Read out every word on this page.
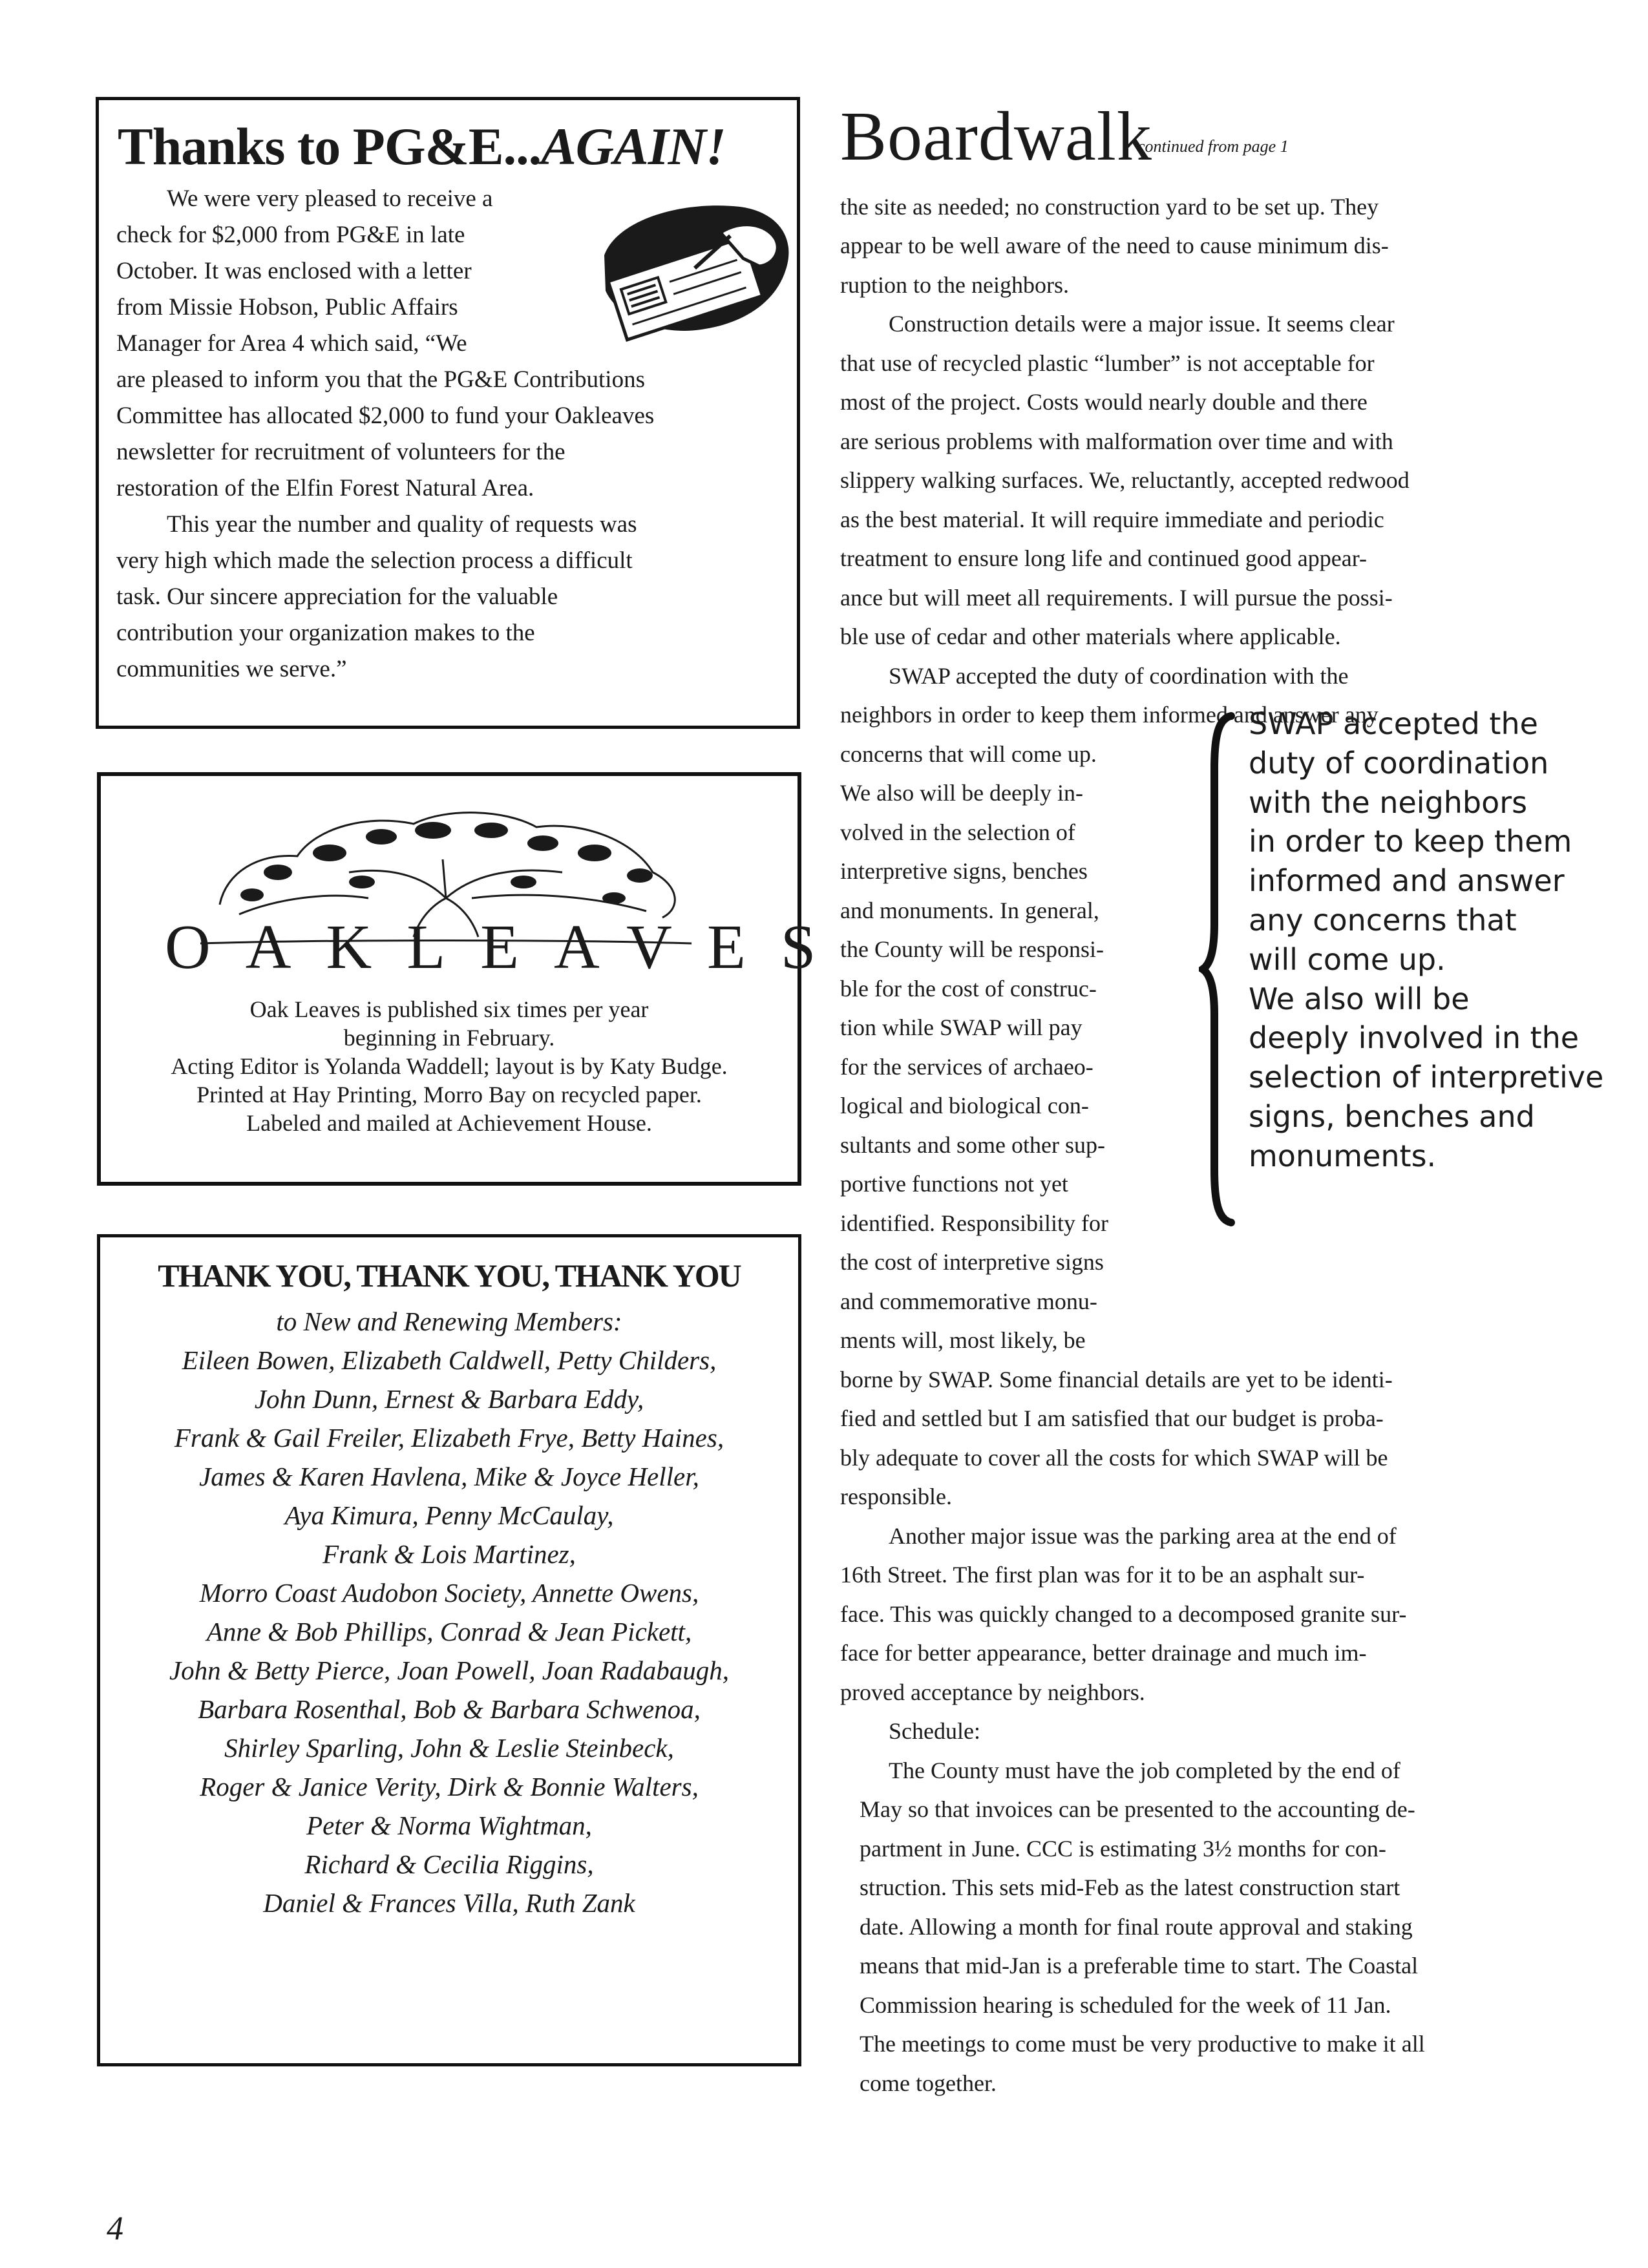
Thanks to PG&E...AGAIN!
We were very pleased to receive a
check for $2,000 from PG&E in late
October. It was enclosed with a letter
from Missie Hobson, Public Affairs
Manager for Area 4 which said, “We
are pleased to inform you that the PG&E Contributions
Committee has allocated $2,000 to fund your Oakleaves
newsletter for recruitment of volunteers for the
restoration of the Elfin Forest Natural Area.
This year the number and quality of requests was
very high which made the selection process a difficult
task. Our sincere appreciation for the valuable
contribution your organization makes to the
communities we serve.”
OAKLEAVES
Oak Leaves is published six times per year
beginning in February.
Acting Editor is Yolanda Waddell; layout is by Katy Budge.
Printed at Hay Printing, Morro Bay on recycled paper.
Labeled and mailed at Achievement House.
THANK YOU, THANK YOU, THANK YOU
to New and Renewing Members:
Eileen Bowen, Elizabeth Caldwell, Petty Childers,
John Dunn, Ernest & Barbara Eddy,
Frank & Gail Freiler, Elizabeth Frye, Betty Haines,
James & Karen Havlena, Mike & Joyce Heller,
Aya Kimura, Penny McCaulay,
Frank & Lois Martinez,
Morro Coast Audobon Society, Annette Owens,
Anne & Bob Phillips, Conrad & Jean Pickett,
John & Betty Pierce, Joan Powell, Joan Radabaugh,
Barbara Rosenthal, Bob & Barbara Schwenoa,
Shirley Sparling, John & Leslie Steinbeck,
Roger & Janice Verity, Dirk & Bonnie Walters,
Peter & Norma Wightman,
Richard & Cecilia Riggins,
Daniel & Frances Villa, Ruth Zank
Boardwalk
continued from page 1
the site as needed; no construction yard to be set up. They
appear to be well aware of the need to cause minimum dis-
ruption to the neighbors.
Construction details were a major issue. It seems clear
that use of recycled plastic “lumber” is not acceptable for
most of the project. Costs would nearly double and there
are serious problems with malformation over time and with
slippery walking surfaces. We, reluctantly, accepted redwood
as the best material. It will require immediate and periodic
treatment to ensure long life and continued good appear-
ance but will meet all requirements. I will pursue the possi-
ble use of cedar and other materials where applicable.
SWAP accepted the duty of coordination with the
neighbors in order to keep them informed and answer any
concerns that will come up.
We also will be deeply in-
volved in the selection of
interpretive signs, benches
and monuments. In general,
the County will be responsi-
ble for the cost of construc-
tion while SWAP will pay
for the services of archaeo-
logical and biological con-
sultants and some other sup-
portive functions not yet
identified. Responsibility for
the cost of interpretive signs
and commemorative monu-
ments will, most likely, be
borne by SWAP. Some financial details are yet to be identi-
fied and settled but I am satisfied that our budget is proba-
bly adequate to cover all the costs for which SWAP will be
responsible.
Another major issue was the parking area at the end of
16th Street. The first plan was for it to be an asphalt sur-
face. This was quickly changed to a decomposed granite sur-
face for better appearance, better drainage and much im-
proved acceptance by neighbors.
Schedule:
The County must have the job completed by the end of
May so that invoices can be presented to the accounting de-
partment in June. CCC is estimating 3½ months for con-
struction. This sets mid-Feb as the latest construction start
date. Allowing a month for final route approval and staking
means that mid-Jan is a preferable time to start. The Coastal
Commission hearing is scheduled for the week of 11 Jan.
The meetings to come must be very productive to make it all
come together.
SWAP accepted the
duty of coordination
with the neighbors
in order to keep them
informed and answer
any concerns that
will come up.
We also will be
deeply involved in the
selection of interpretive
signs, benches and
monuments.
4
